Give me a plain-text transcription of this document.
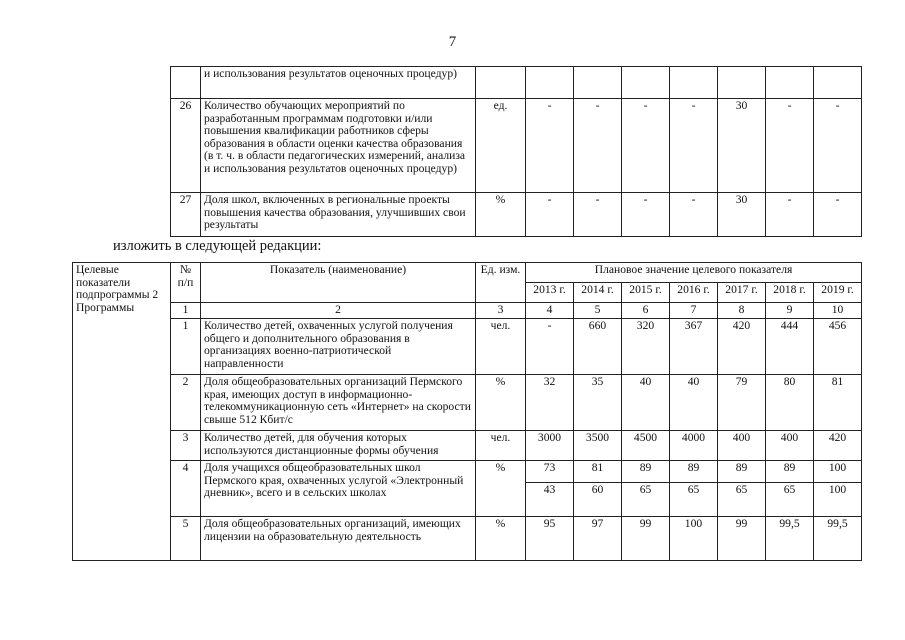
7
	и использования результатов оценочных процедур)								
26	Количество обучающих мероприятий по разработанным программам подготовки и/или повышения квалификации работников сферы образования в области оценки качества образования (в т. ч. в области педагогических измерений, анализа и использования результатов оценочных процедур)	ед.	-	-	-	-	30	-	-
27	Доля школ, включенных в региональные проекты повышения качества образования, улучшивших свои результаты	%	-	-	-	-	30	-	-
изложить в следующей редакции:
Целевые показатели подпрограммы 2 Программы	№ п/п	Показатель (наименование)	Ед. изм.	Плановое значение целевого показателя						
				2013 г.	2014 г.	2015 г.	2016 г.	2017 г.	2018 г.	2019 г.
	1	2	3	4	5	6	7	8	9	10
	1	Количество детей, охваченных услугой получения общего и дополнительного образования в организациях военно-патриотической направленности	чел.	-	660	320	367	420	444	456
	2	Доля общеобразовательных организаций Пермского края, имеющих доступ в информационно-телекоммуникационную сеть «Интернет» на скорости свыше 512 Кбит/с	%	32	35	40	40	79	80	81
	3	Количество детей, для обучения которых используются дистанционные формы обучения	чел.	3000	3500	4500	4000	400	400	420
	4	Доля учащихся общеобразовательных школ Пермского края, охваченных услугой «Электронный дневник», всего и в сельских школах	%	73	81	89	89	89	89	100
				43	60	65	65	65	65	100
	5	Доля общеобразовательных организаций, имеющих лицензии на образовательную деятельность	%	95	97	99	100	99	99,5	99,5
